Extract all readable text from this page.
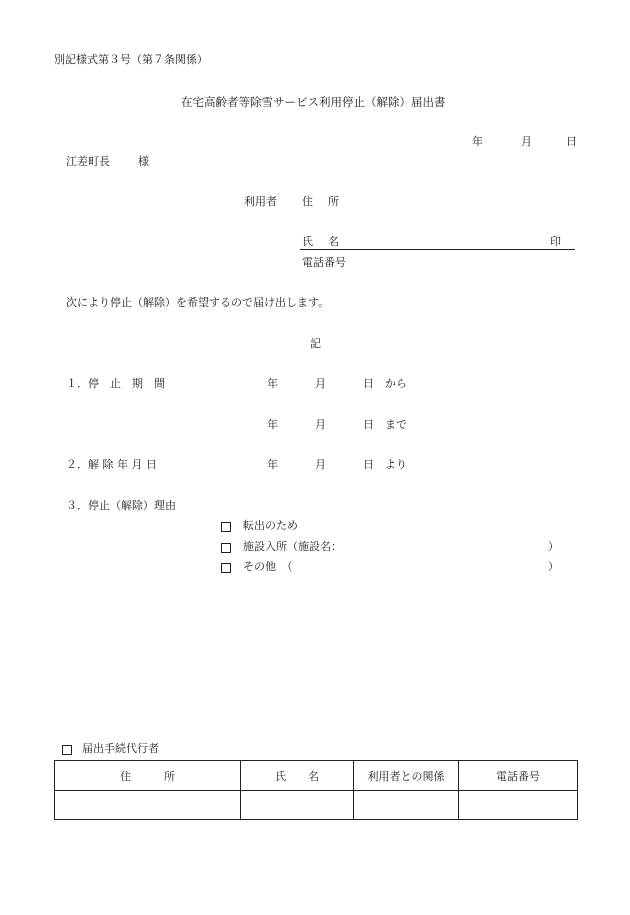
別記様式第３号（第７条関係）
在宅高齢者等除雪サービス利用停止（解除）届出書
年	月	日
江差町長	様
利用者 住　所
氏　名	印
電話番号
次により停止（解除）を希望するので届け出します。
記
１．停　止　期　間	年	月	日 から
年	月	日 まで
２．解 除 年 月 日	年	月	日 より
３．停止（解除）理由
転出のため
施設入所（施設名：	）
その他　（	）
届出手続代行者
住　　　所	氏　　名	利用者との関係	電話番号
